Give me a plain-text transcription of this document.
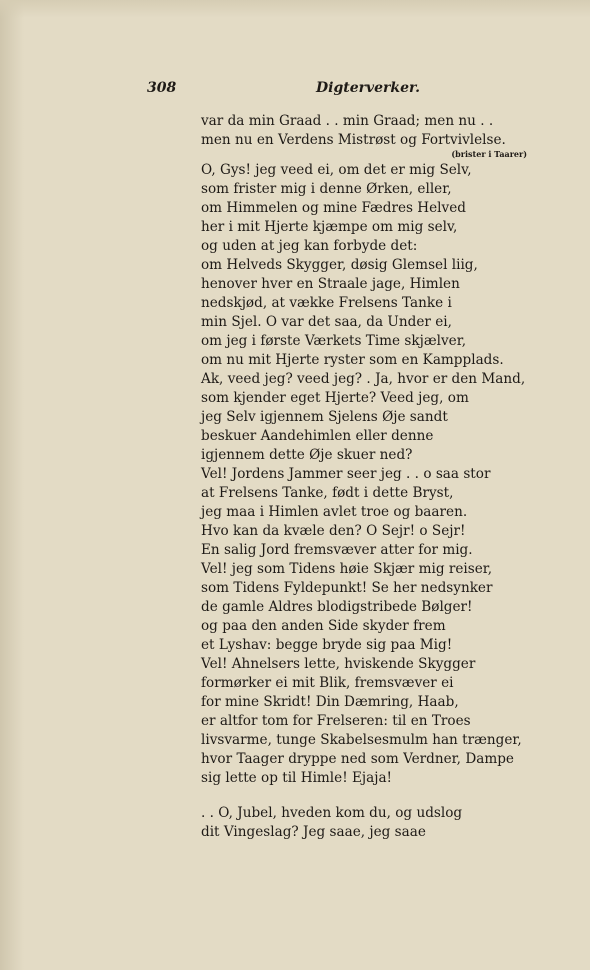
308	Digterverker.
var da min Graad . . min Graad; men nu . .
men nu en Verdens Mistrøst og Fortvivlelse.
(brister i Taarer)
O, Gys! jeg veed ei, om det er mig Selv,
som frister mig i denne Ørken, eller,
om Himmelen og mine Fædres Helved
her i mit Hjerte kjæmpe om mig selv,
og uden at jeg kan forbyde det:
om Helveds Skygger, døsig Glemsel liig,
henover hver en Straale jage, Himlen
nedskjød, at vække Frelsens Tanke i
min Sjel. O var det saa, da Under ei,
om jeg i første Værkets Time skjælver,
om nu mit Hjerte ryster som en Kampplads.
Ak, veed jeg? veed jeg? . Ja, hvor er den Mand,
som kjender eget Hjerte? Veed jeg, om
jeg Selv igjennem Sjelens Øje sandt
beskuer Aandehimlen eller denne
igjennem dette Øje skuer ned?
Vel! Jordens Jammer seer jeg . . o saa stor
at Frelsens Tanke, født i dette Bryst,
jeg maa i Himlen avlet troe og baaren.
Hvo kan da kvæle den? O Sejr! o Sejr!
En salig Jord fremsvæver atter for mig.
Vel! jeg som Tidens høie Skjær mig reiser,
som Tidens Fyldepunkt! Se her nedsynker
de gamle Aldres blodigstribede Bølger!
og paa den anden Side skyder frem
et Lyshav: begge bryde sig paa Mig!
Vel! Ahnelsers lette, hviskende Skygger
formørker ei mit Blik, fremsvæver ei
for mine Skridt! Din Dæmring, Haab,
er altfor tom for Frelseren: til en Troes
livsvarme, tunge Skabelsesmulm han trænger,
hvor Taager dryppe ned som Verdner, Dampe
sig lette op til Himle! Ejaja!
. . O, Jubel, hveden kom du, og udslog
dit Vingeslag? Jeg saae, jeg saae
